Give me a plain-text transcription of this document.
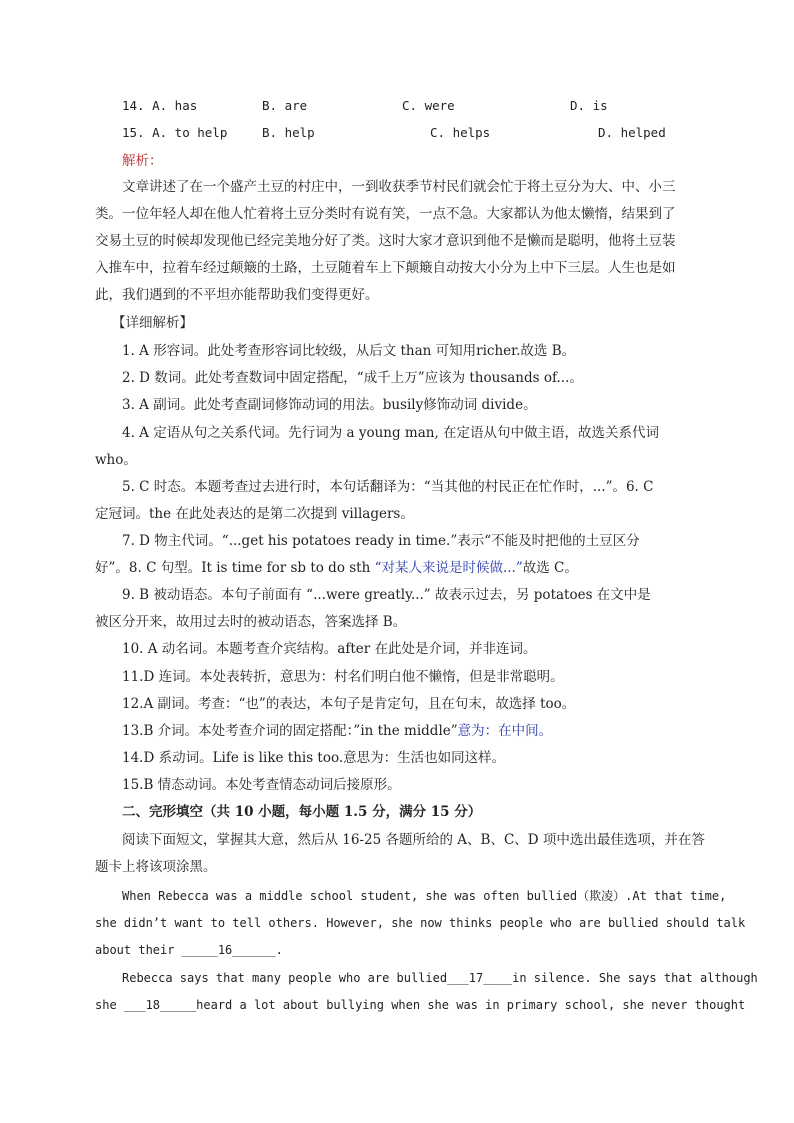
14. A. has	B. are	C. were	D. is
15. A. to help	B. help	C. helps	D. helped
解析：
文章讲述了在一个盛产土豆的村庄中，一到收获季节村民们就会忙于将土豆分为大、中、小三
类。一位年轻人却在他人忙着将土豆分类时有说有笑，一点不急。大家都认为他太懒惰，结果到了
交易土豆的时候却发现他已经完美地分好了类。这时大家才意识到他不是懒而是聪明，他将土豆装
入推车中，拉着车经过颠簸的土路，土豆随着车上下颠簸自动按大小分为上中下三层。人生也是如
此，我们遇到的不平坦亦能帮助我们变得更好。
【详细解析】
1. A 形容词。此处考查形容词比较级，从后文 than 可知用richer.故选 B。
2. D 数词。此处考查数词中固定搭配，“成千上万”应该为 thousands of...。
3. A 副词。此处考查副词修饰动词的用法。busily修饰动词 divide。
4. A 定语从句之关系代词。先行词为 a young man, 在定语从句中做主语，故选关系代词
who。
5. C 时态。本题考查过去进行时，本句话翻译为：“当其他的村民正在忙作时，...”。6. C
定冠词。the 在此处表达的是第二次提到 villagers。
7. D 物主代词。“...get his potatoes ready in time.”表示“不能及时把他的土豆区分
好”。8. C 句型。It is time for sb to do sth “对某人来说是时候做...”故选 C。
9. B 被动语态。本句子前面有 “...were greatly...” 故表示过去，另 potatoes 在文中是
被区分开来，故用过去时的被动语态，答案选择 B。
10. A 动名词。本题考查介宾结构。after 在此处是介词，并非连词。
11.D 连词。本处表转折，意思为：村名们明白他不懒惰，但是非常聪明。
12.A 副词。考查：“也”的表达，本句子是肯定句，且在句末，故选择 too。
13.B 介词。本处考查介词的固定搭配：”in the middle”意为：在中间。
14.D 系动词。Life is like this too.意思为：生活也如同这样。
15.B 情态动词。本处考查情态动词后接原形。
二、完形填空（共 10 小题，每小题 1.5 分，满分 15 分）
阅读下面短文，掌握其大意，然后从 16-25 各题所给的 A、B、C、D 项中选出最佳选项，并在答
题卡上将该项涂黑。
When Rebecca was a middle school student, she was often bullied（欺凌）.At that time,
she didn’t want to tell others. However, she now thinks people who are bullied should talk
about their _____16______.
Rebecca says that many people who are bullied___17____in silence. She says that although
she ___18_____heard a lot about bullying when she was in primary school, she never thought
